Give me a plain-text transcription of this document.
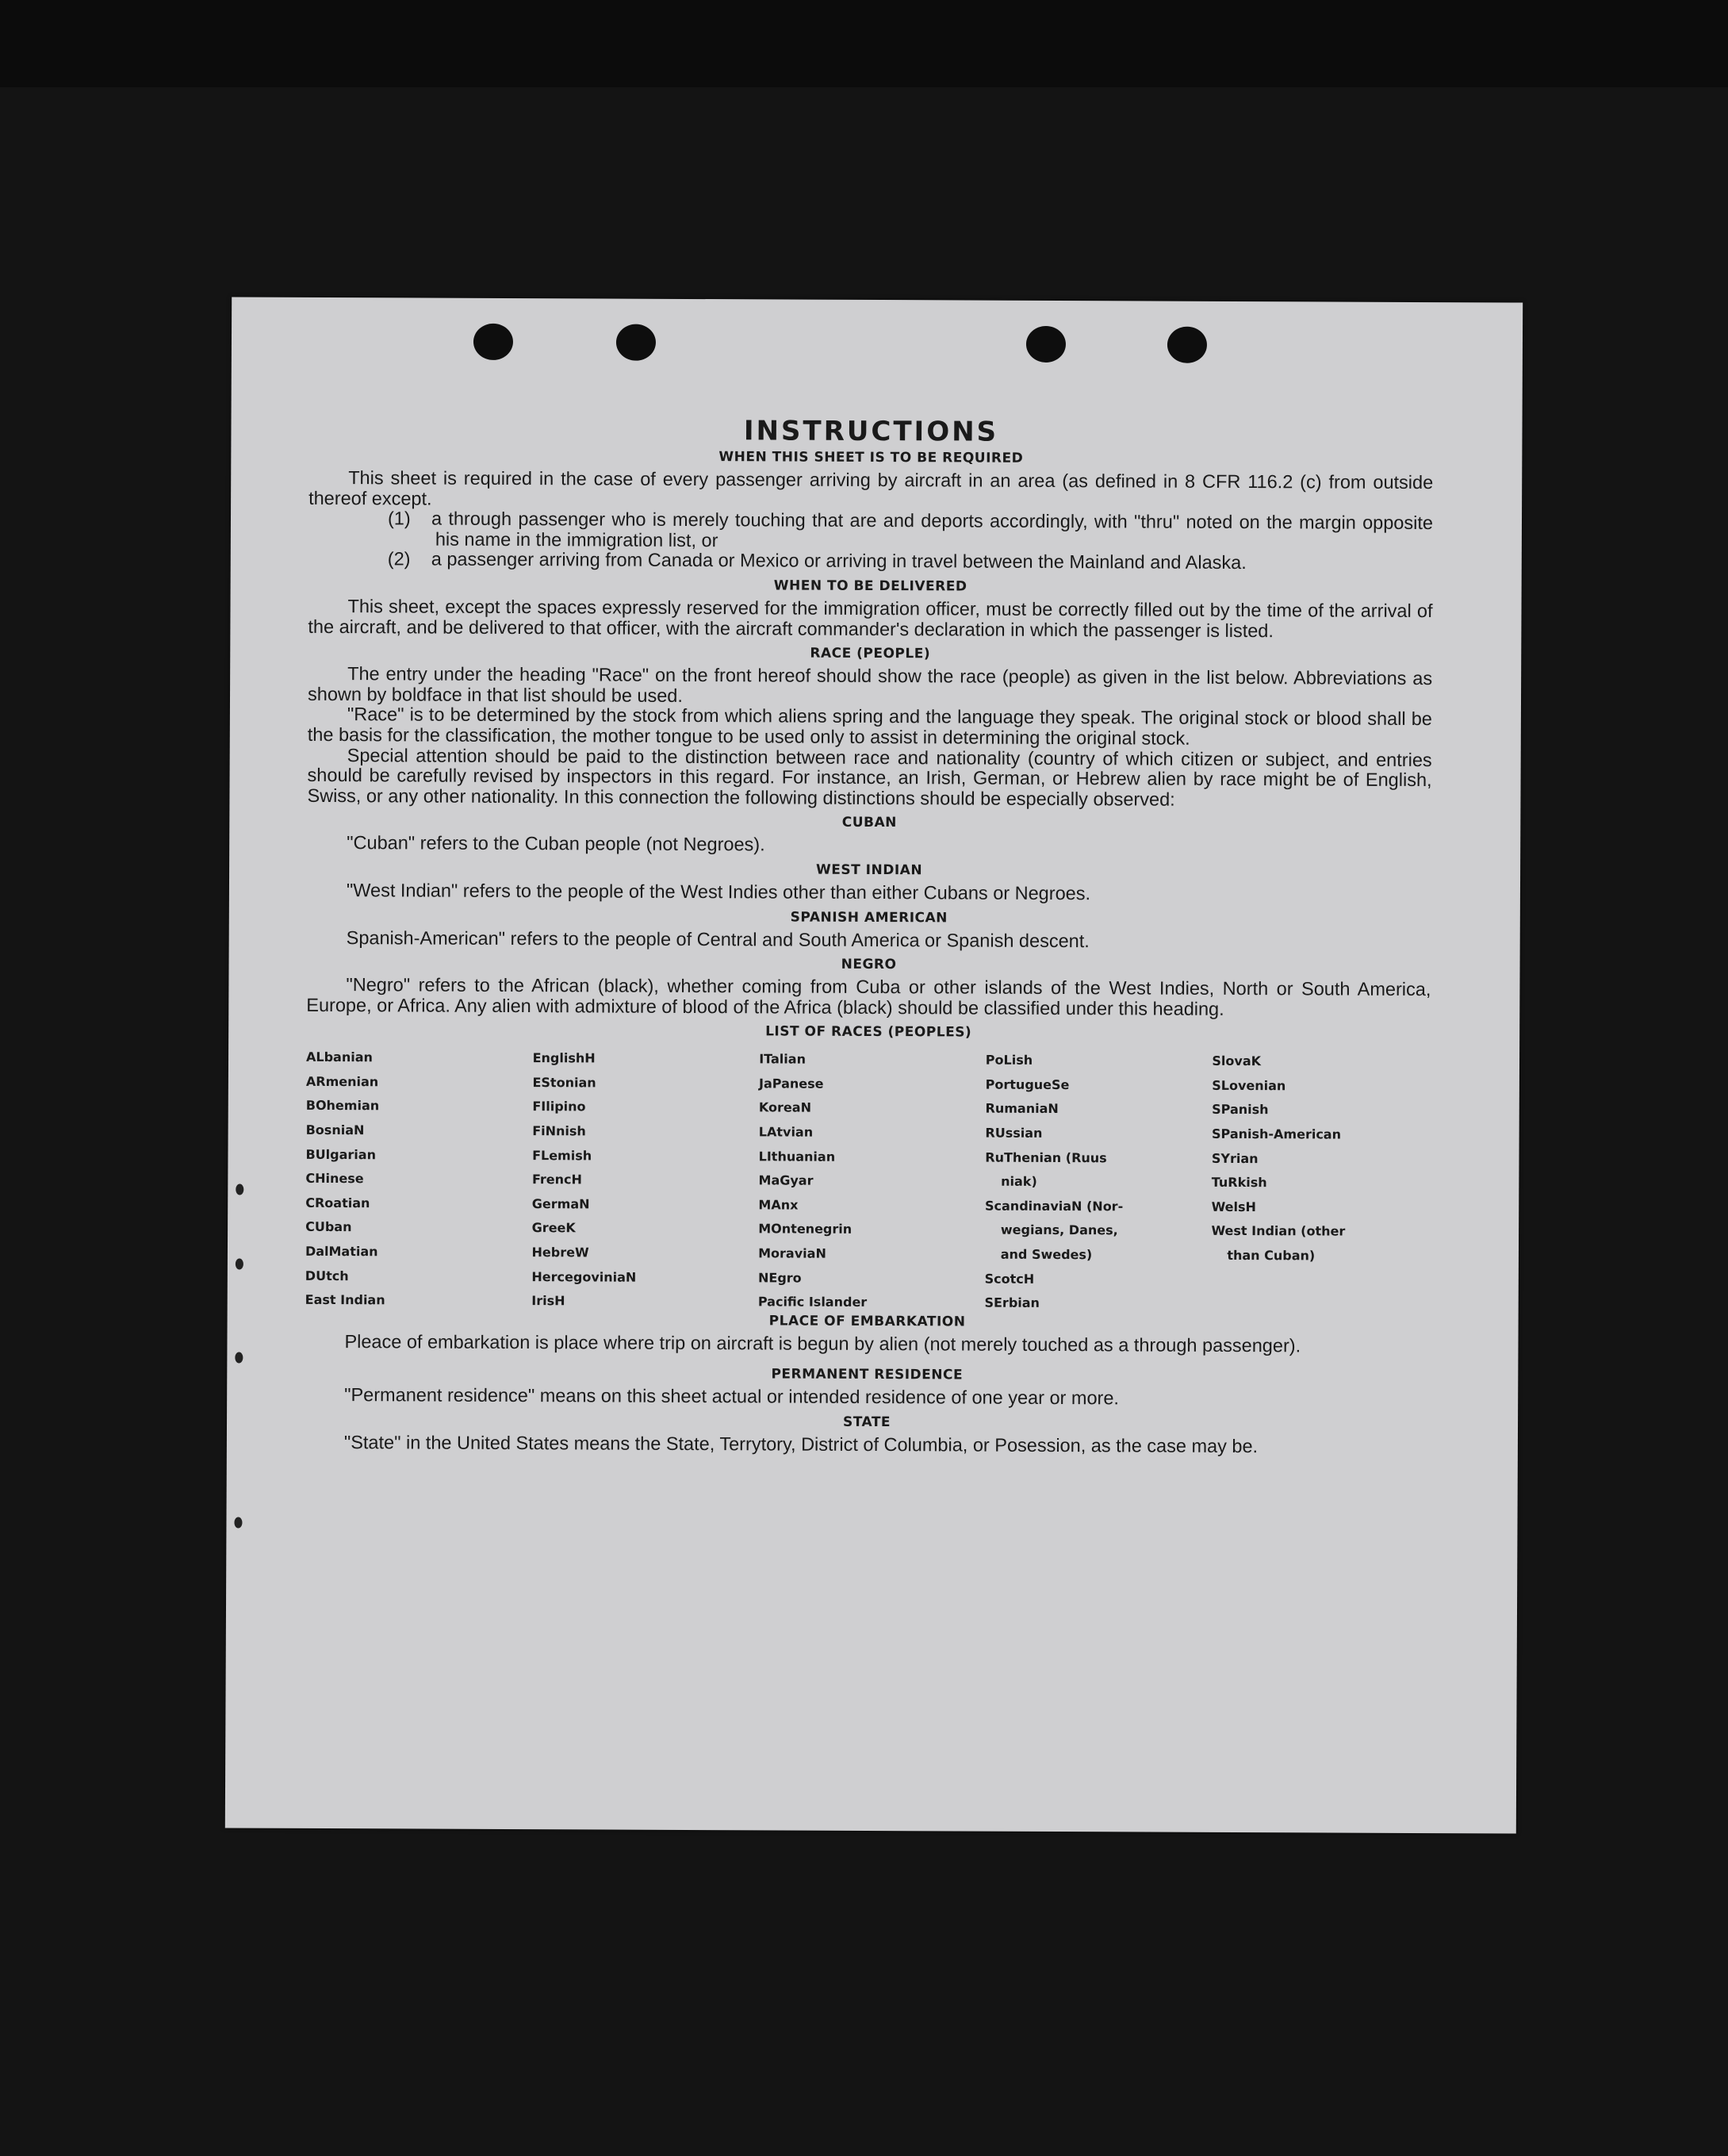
INSTRUCTIONS
WHEN THIS SHEET IS TO BE REQUIRED

This sheet is required in the case of every passenger arriving by aircraft in an area (as defined in 8 CFR 116.2 (c) from outside thereof except.

(1) a through passenger who is merely touching that are and deports accordingly, with "thru" noted on the margin opposite his name in the immigration list, or
(2) a passenger arriving from Canada or Mexico or arriving in travel between the Mainland and Alaska.
WHEN TO BE DELIVERED

This sheet, except the spaces expressly reserved for the immigration officer, must be correctly filled out by the time of the arrival of the aircraft, and be delivered to that officer, with the aircraft commander's declaration in which the passenger is listed.

RACE (PEOPLE)

The entry under the heading "Race" on the front hereof should show the race (people) as given in the list below. Abbreviations as shown by boldface in that list should be used.

"Race" is to be determined by the stock from which aliens spring and the language they speak. The original stock or blood shall be the basis for the classification, the mother tongue to be used only to assist in determining the original stock.

Special attention should be paid to the distinction between race and nationality (country of which citizen or subject, and entries should be carefully revised by inspectors in this regard. For instance, an Irish, German, or Hebrew alien by race might be of English, Swiss, or any other nationality. In this connection the following distinctions should be especially observed:

CUBAN

"Cuban" refers to the Cuban people (not Negroes).

WEST INDIAN

"West Indian" refers to the people of the West Indies other than either Cubans or Negroes.

SPANISH AMERICAN

Spanish-American" refers to the people of Central and South America or Spanish descent.

NEGRO

"Negro" refers to the African (black), whether coming from Cuba or other islands of the West Indies, North or South America, Europe, or Africa. Any alien with admixture of blood of the Africa (black) should be classified under this heading.

LIST OF RACES (PEOPLES)
ALbanian
ARmenian
BOhemian
BosniaN
BUlgarian
CHinese
CRoatian
CUban
DalMatian
DUtch
East Indian
EnglishH
EStonian
FIlipino
FiNnish
FLemish
FrencH
GermaN
GreeK
HebreW
HercegoviniaN
IrisH
ITalian
JaPanese
KoreaN
LAtvian
LIthuanian
MaGyar
MAnx
MOntenegrin
MoraviaN
NEgro
Pacific Islander
PoLish
PortugueSe
RumaniaN
RUssian
RuThenian (Ruus
niak)
ScandinaviaN (Nor-
wegians, Danes,
and Swedes)
ScotcH
SErbian
SlovaK
SLovenian
SPanish
SPanish-American
SYrian
TuRkish
WelsH
West Indian (other
than Cuban)
PLACE OF EMBARKATION

Pleace of embarkation is place where trip on aircraft is begun by alien (not merely touched as a through passenger).

PERMANENT RESIDENCE

"Permanent residence" means on this sheet actual or intended residence of one year or more.

STATE

"State" in the United States means the State, Terrytory, District of Columbia, or Posession, as the case may be.
